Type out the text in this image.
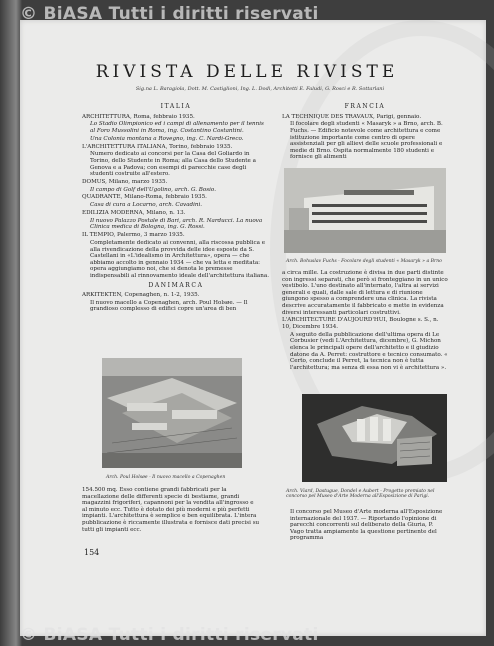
© BiASA Tutti i diritti riservati
© BiASA Tutti i diritti riservati
RIVISTA DELLE RIVISTE
Sig.na L. Baragiola, Dott. M. Castiglioni, Ing. L. Dodi, Architetti E. Faludi, G. Rosci e R. Sottarlani

ITALIA

ARCHITETTURA, Roma, febbraio 1935.

Lo Stadio Olimpionico ed i campi di allenamento per il tennis al Foro Mussolini in Roma, ing. Costantino Costantini.

Una Colonia montana a Rovegno, ing. C. Nardi-Greco.

L'ARCHITETTURA ITALIANA, Torino, febbraio 1935.

Numero dedicato ai concorsi per la Casa del Goliardo in Torino, dello Studente in Roma; alla Casa dello Studente a Genova e a Padova; con esempi di parecchie case degli studenti costruite all'estero.

DOMUS, Milano, marzo 1935.

Il campo di Golf dell'Ugolino, arch. G. Bosio.

QUADRANTE, Milano-Roma, febbraio 1935.

Casa di cura a Locarno, arch. Cavadini.

EDILIZIA MODERNA, Milano, n. 13.

Il nuovo Palazzo Postale di Bari, arch. R. Narducci. La nuova Clinica medica di Bologna, ing. G. Rossi.

IL TEMPIO, Palermo, 3 marzo 1935.

Completamente dedicato ai convenni, alla riscossa pubblica e alla rivendicazione della provvida delle idee esposte da S. Castellani in «L'idealismo in Architettura», opera — che abbiamo accolto in gennaio 1934 — che va letta e meditata: opera aggiungiamo noi, che si denota le premesse indispensabili al rinnovamento ideale dell'architettura italiana.

DANIMARCA

ARKITEKTEN, Copenaghen, n. 1-2, 1935.

Il nuovo macello a Copenaghen, arch. Poul Holsøe. — Il grandioso complesso di edifici copre un'area di ben

Arch. Poul Holsøe - Il nuovo macello a Copenaghen

154.500 mq. Esso contiene grandi fabbricati per la macellazione delle differenti specie di bestiame, grandi magazzini frigoriferi, capannoni per la vendita all'ingrosso e al minuto ecc. Tutto è dotato dei più moderni e più perfetti impianti. L'architettura è semplice e ben equilibrata. L'intera pubblicazione è riccamente illustrata e fornisce dati precisi su tutti gli impianti ecc.

154

FRANCIA

LA TECHNIQUE DES TRAVAUX, Parigi, gennaio.

Il focolare degli studenti « Masaryk » a Brno, arch. B. Fuchs. — Edificio notevole come architettura e come istituzione importante come centro di opere assistenziali per gli allievi delle scuole professionali e medie di Brno. Ospita normalmente 180 studenti e fornisce gli alimenti

Arch. Bohuslav Fuchs - Focolare degli studenti « Masaryk » a Brno

a circa mille. La costruzione è divisa in due parti distinte con ingressi separati, che però si fronteggiano in un unico vestibolo. L'uno destinato all'internato, l'altra ai servizi generali e quali, dalle sale di lettura e di riunione giungono spesso a comprendere una clinica. La rivista descrive accuratamente il fabbricato e mette in evidenza diversi interessanti particolari costruttivi.

L'ARCHITECTURE D'AUJOURD'HUI, Boulogne s. S., n. 10, Dicembre 1934.

A seguito della pubblicazione dell'ultima opera di Le Corbusier (vedi L'Architettura, dicembre), G. Michon elenca le principali opere dell'architetto e il giudizio datone da A. Perret: costruttore e tecnico consumato. « Certo, conclude il Perret, la tecnica non è tutta l'architettura; ma senza di essa non vi è architettura ».

Arch. Viard, Dastugue, Dondel e Aubert - Progetto premiato nel concorso pel Museo d'Arte Moderna all'Esposizione di Parigi.

Il concorso pel Museo d'Arte moderna all'Esposizione internazionale del 1937. — Riportando l'opinione di parecchi concorrenti sul deliberato della Giuria, P. Vago tratta ampiamente la questione pertinente del programma
